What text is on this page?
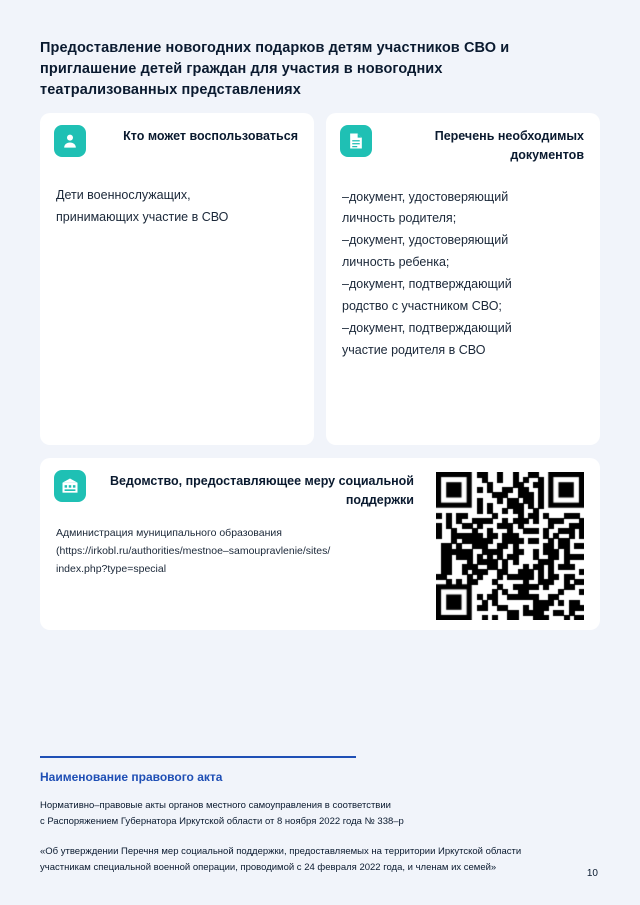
Предоставление новогодних подарков детям участников СВО и приглашение детей граждан для участия в новогодних театрализованных представлениях
Кто может воспользоваться
Дети военнослужащих,
принимающих участие в СВО
Перечень необходимых документов
–документ, удостоверяющий
личность родителя;
–документ, удостоверяющий
личность ребенка;
–документ, подтверждающий
родство с участником СВО;
–документ, подтверждающий
участие родителя в СВО
Ведомство, предоставляющее меру социальной поддержки
Администрация муниципального образования
(https://irkobl.ru/authorities/mestnoe–samoupravlenie/sites/
index.php?type=special
Наименование правового акта
Нормативно–правовые акты органов местного самоуправления в соответствии
с Распоряжением Губернатора Иркутской области от 8 ноября 2022 года № 338–р
«Об утверждении Перечня мер социальной поддержки, предоставляемых на территории Иркутской области
участникам специальной военной операции, проводимой с 24 февраля 2022 года, и членам их семей»
10
